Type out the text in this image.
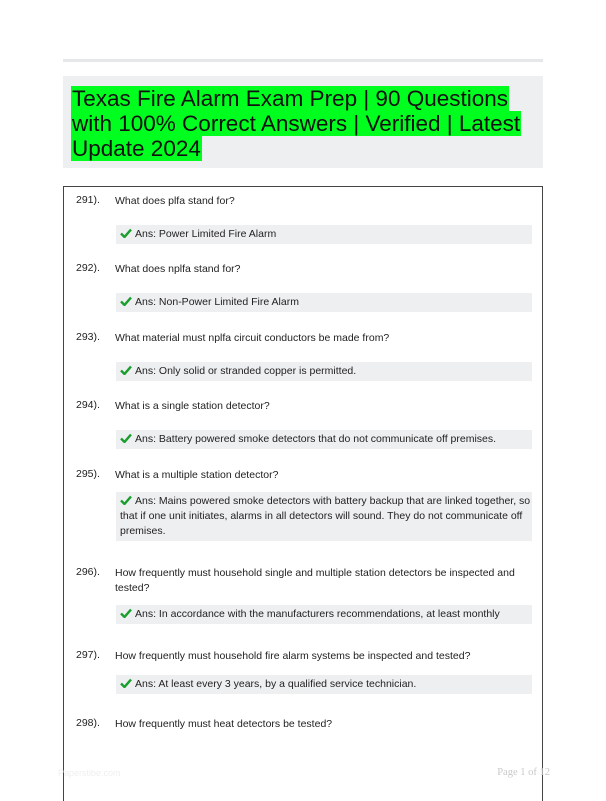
Texas Fire Alarm Exam Prep | 90 Questions with 100% Correct Answers | Verified | Latest Update 2024
291). What does plfa stand for?
Ans: Power Limited Fire Alarm
292). What does nplfa stand for?
Ans: Non-Power Limited Fire Alarm
293). What material must nplfa circuit conductors be made from?
Ans: Only solid or stranded copper is permitted.
294). What is a single station detector?
Ans: Battery powered smoke detectors that do not communicate off premises.
295). What is a multiple station detector?
Ans: Mains powered smoke detectors with battery backup that are linked together, so that if one unit initiates, alarms in all detectors will sound. They do not communicate off premises.
296). How frequently must household single and multiple station detectors be inspected and tested?
Ans: In accordance with the manufacturers recommendations, at least monthly
297). How frequently must household fire alarm systems be inspected and tested?
Ans: At least every 3 years, by a qualified service technician.
298). How frequently must heat detectors be tested?
Paperstibe.com	Page 1 of 12
